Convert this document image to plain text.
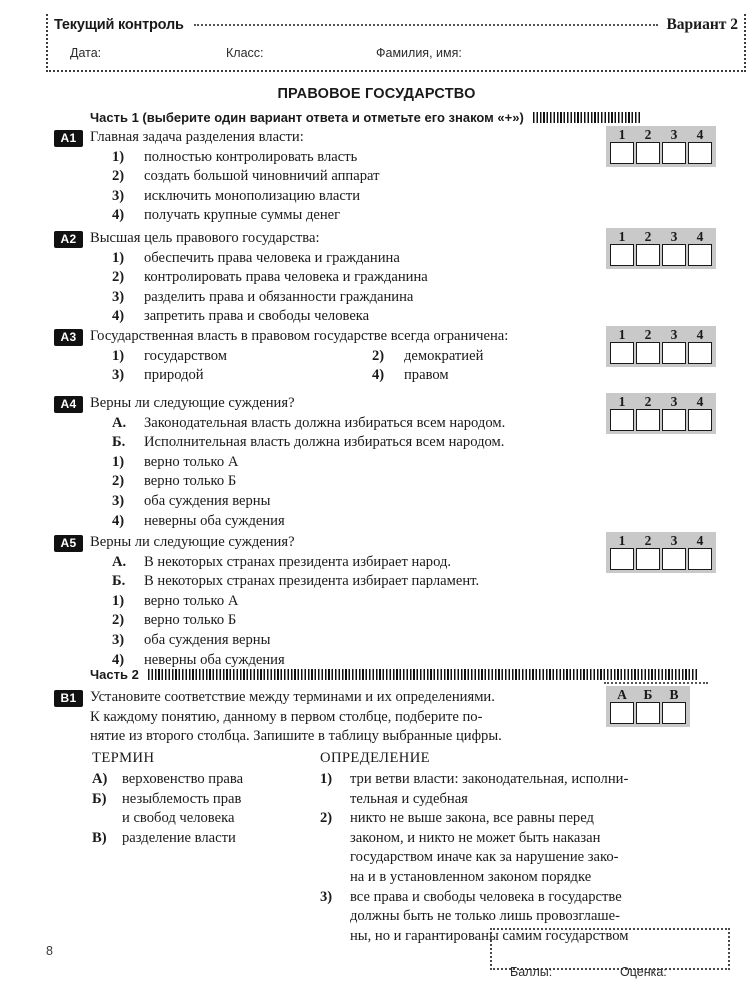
Текущий контроль	Вариант 2
Дата:	Класс:	Фамилия, имя:
ПРАВОВОЕ ГОСУДАРСТВО
Часть 1 (выберите один вариант ответа и отметьте его знаком «+»)
A1 Главная задача разделения власти:
1)	полностью контролировать власть
2)	создать большой чиновничий аппарат
3)	исключить монополизацию власти
4)	получать крупные суммы денег
1	2	3	4
A2 Высшая цель правового государства:
1)	обеспечить права человека и гражданина
2)	контролировать права человека и гражданина
3)	разделить права и обязанности гражданина
4)	запретить права и свободы человека
1	2	3	4
A3 Государственная власть в правовом государстве всегда ограничена:
1)	государством	2)	демократией
3)	природой	4)	правом
1	2	3	4
A4 Верны ли следующие суждения?
А.	Законодательная власть должна избираться всем народом.
Б.	Исполнительная власть должна избираться всем народом.
1)	верно только А
2)	верно только Б
3)	оба суждения верны
4)	неверны оба суждения
1	2	3	4
A5 Верны ли следующие суждения?
А.	В некоторых странах президента избирает народ.
Б.	В некоторых странах президента избирает парламент.
1)	верно только А
2)	верно только Б
3)	оба суждения верны
4)	неверны оба суждения
1	2	3	4
Часть 2
B1 Установите соответствие между терминами и их определениями.
К каждому понятию, данному в первом столбце, подберите по-
нятие из второго столбца. Запишите в таблицу выбранные цифры.
А	Б	В
ТЕРМИН
А) верховенство права
Б)	незыблемость прав
и свобод человека
В)	разделение власти
ОПРЕДЕЛЕНИЕ
1)	три ветви власти: законодательная, исполни-
тельная и судебная
2)	никто не выше закона, все равны перед
законом, и никто не может быть наказан
государством иначе как за нарушение зако-
на и в установленном законом порядке
3)	все права и свободы человека в государстве
должны быть не только лишь провозглаше-
ны, но и гарантированы самим государством
8
Баллы:	Оценка:
